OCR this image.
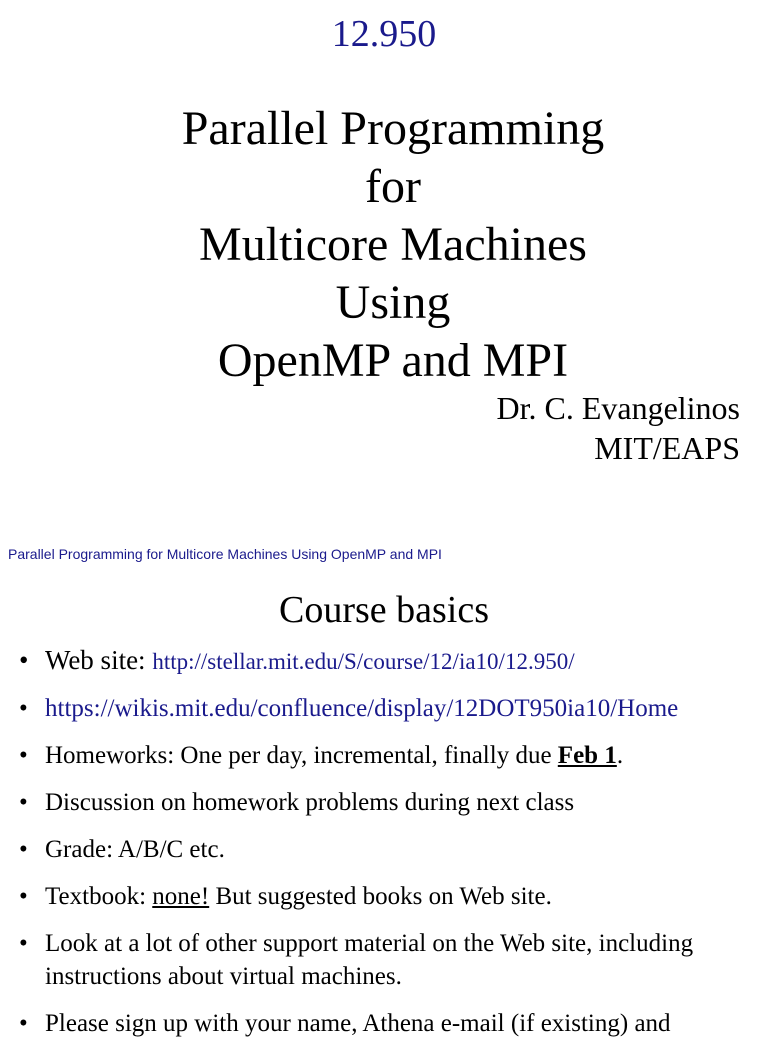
12.950
Parallel Programming
for
Multicore Machines
Using
OpenMP and MPI
Dr. C. Evangelinos
MIT/EAPS
Parallel Programming for Multicore Machines Using OpenMP and MPI
Course basics
• Web site: http://stellar.mit.edu/S/course/12/ia10/12.950/
• https://wikis.mit.edu/confluence/display/12DOT950ia10/Home
• Homeworks: One per day, incremental, finally due Feb 1.
• Discussion on homework problems during next class
• Grade: A/B/C etc.
• Textbook: none! But suggested books on Web site.
• Look at a lot of other support material on the Web site, including instructions about virtual machines.
• Please sign up with your name, Athena e-mail (if existing) and
